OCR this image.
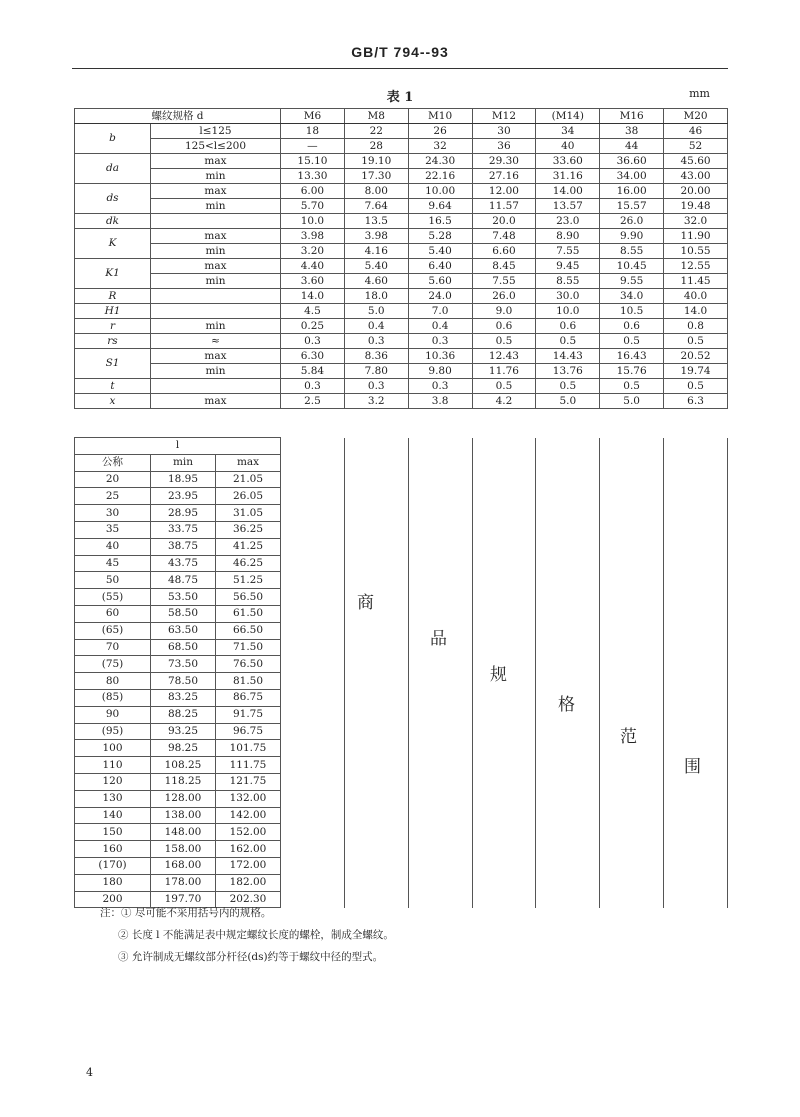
GB/T 794--93
表 1	mm
螺纹规格 d		M6	M8	M10	M12	(M14)	M16	M20
b	l≤125	18	22	26	30	34	38	46
	125<l≤200	—	28	32	36	40	44	52
da	max	15.10	19.10	24.30	29.30	33.60	36.60	45.60
	min	13.30	17.30	22.16	27.16	31.16	34.00	43.00
ds	max	6.00	8.00	10.00	12.00	14.00	16.00	20.00
	min	5.70	7.64	9.64	11.57	13.57	15.57	19.48
dk		10.0	13.5	16.5	20.0	23.0	26.0	32.0
K	max	3.98	3.98	5.28	7.48	8.90	9.90	11.90
	min	3.20	4.16	5.40	6.60	7.55	8.55	10.55
K1	max	4.40	5.40	6.40	8.45	9.45	10.45	12.55
	min	3.60	4.60	5.60	7.55	8.55	9.55	11.45
R		14.0	18.0	24.0	26.0	30.0	34.0	40.0
H1		4.5	5.0	7.0	9.0	10.0	10.5	14.0
r	min	0.25	0.4	0.4	0.6	0.6	0.6	0.8
rs	≈	0.3	0.3	0.3	0.5	0.5	0.5	0.5
S1	max	6.30	8.36	10.36	12.43	14.43	16.43	20.52
	min	5.84	7.80	9.80	11.76	13.76	15.76	19.74
t		0.3	0.3	0.3	0.5	0.5	0.5	0.5
x	max	2.5	3.2	3.8	4.2	5.0	5.0	6.3
l									
公称	min	max							
20	18.95	21.05							
25	23.95	26.05							
30	28.95	31.05							
35	33.75	36.25							
40	38.75	41.25							
45	43.75	46.25							
50	48.75	51.25							
(55)	53.50	56.50							
60	58.50	61.50							
(65)	63.50	66.50							
70	68.50	71.50							
(75)	73.50	76.50							
80	78.50	81.50							
(85)	83.25	86.75							
90	88.25	91.75							
(95)	93.25	96.75							
100	98.25	101.75							
110	108.25	111.75							
120	118.25	121.75							
130	128.00	132.00							
140	138.00	142.00							
150	148.00	152.00							
160	158.00	162.00							
(170)	168.00	172.00							
180	178.00	182.00							
200	197.70	202.30							
商
品
规
格
范
围
注：① 尽可能不采用括号内的规格。
② 长度 l 不能满足表中规定螺纹长度的螺栓，制成全螺纹。
③ 允许制成无螺纹部分杆径(ds)约等于螺纹中径的型式。
4
